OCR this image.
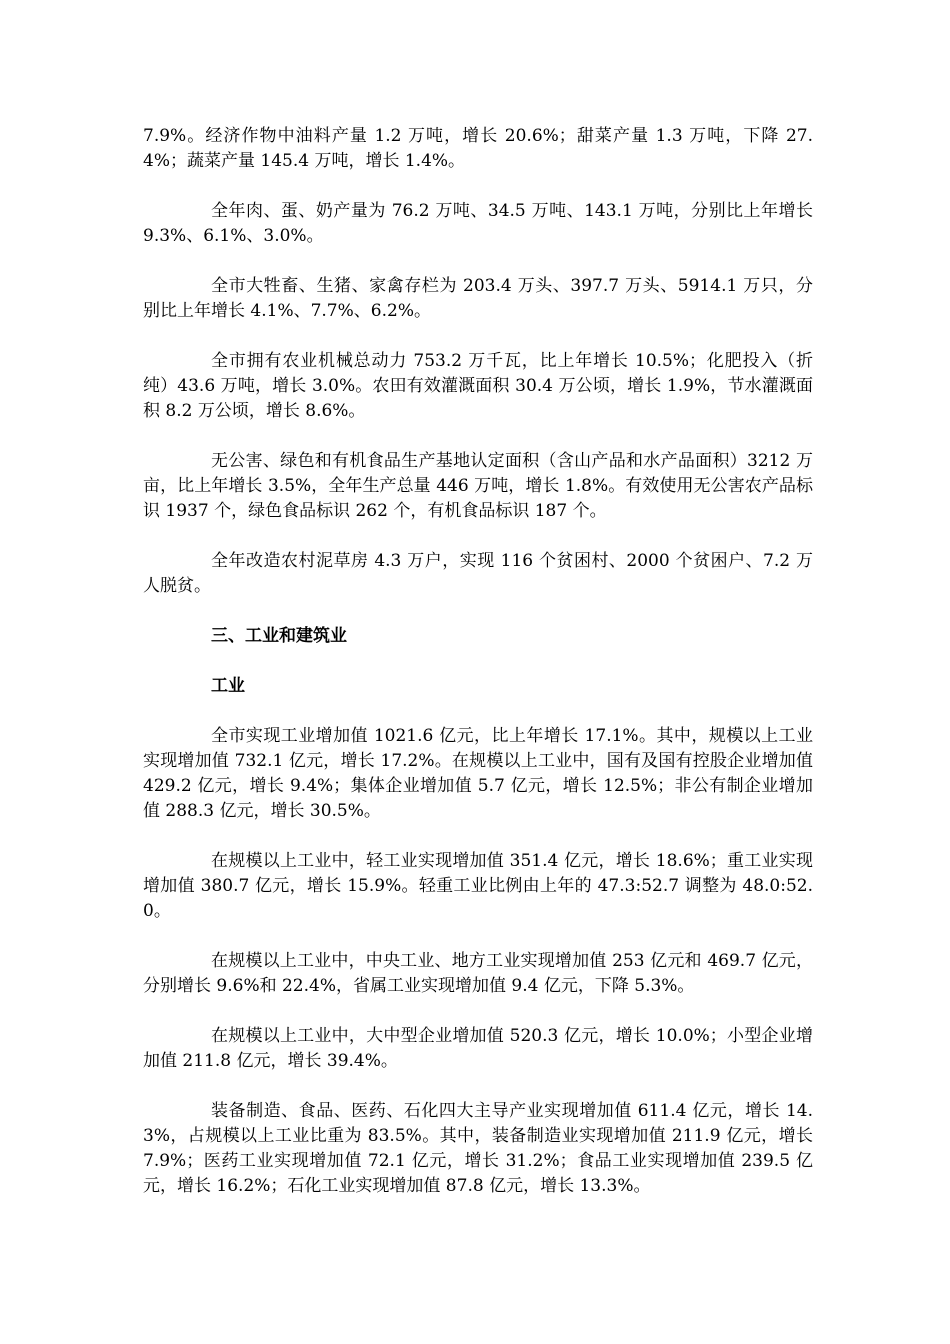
7.9%。经济作物中油料产量 1.2 万吨，增长 20.6%；甜菜产量 1.3 万吨，下降 27.4%；蔬菜产量 145.4 万吨，增长 1.4%。

全年肉、蛋、奶产量为 76.2 万吨、34.5 万吨、143.1 万吨，分别比上年增长 9.3%、6.1%、3.0%。

全市大牲畜、生猪、家禽存栏为 203.4 万头、397.7 万头、5914.1 万只，分别比上年增长 4.1%、7.7%、6.2%。

全市拥有农业机械总动力 753.2 万千瓦，比上年增长 10.5%；化肥投入（折纯）43.6 万吨，增长 3.0%。农田有效灌溉面积 30.4 万公顷，增长 1.9%，节水灌溉面积 8.2 万公顷，增长 8.6%。

无公害、绿色和有机食品生产基地认定面积（含山产品和水产品面积）3212 万亩，比上年增长 3.5%，全年生产总量 446 万吨，增长 1.8%。有效使用无公害农产品标识 1937 个，绿色食品标识 262 个，有机食品标识 187 个。

全年改造农村泥草房 4.3 万户，实现 116 个贫困村、2000 个贫困户、7.2 万人脱贫。

三、工业和建筑业
工业

全市实现工业增加值 1021.6 亿元，比上年增长 17.1%。其中，规模以上工业实现增加值 732.1 亿元，增长 17.2%。在规模以上工业中，国有及国有控股企业增加值 429.2 亿元，增长 9.4%；集体企业增加值 5.7 亿元，增长 12.5%；非公有制企业增加值 288.3 亿元，增长 30.5%。

在规模以上工业中，轻工业实现增加值 351.4 亿元，增长 18.6%；重工业实现增加值 380.7 亿元，增长 15.9%。轻重工业比例由上年的 47.3:52.7 调整为 48.0:52.0。

在规模以上工业中，中央工业、地方工业实现增加值 253 亿元和 469.7 亿元，分别增长 9.6%和 22.4%，省属工业实现增加值 9.4 亿元，下降 5.3%。

在规模以上工业中，大中型企业增加值 520.3 亿元，增长 10.0%；小型企业增加值 211.8 亿元，增长 39.4%。

装备制造、食品、医药、石化四大主导产业实现增加值 611.4 亿元，增长 14.3%，占规模以上工业比重为 83.5%。其中，装备制造业实现增加值 211.9 亿元，增长 7.9%；医药工业实现增加值 72.1 亿元，增长 31.2%；食品工业实现增加值 239.5 亿元，增长 16.2%；石化工业实现增加值 87.8 亿元，增长 13.3%。
